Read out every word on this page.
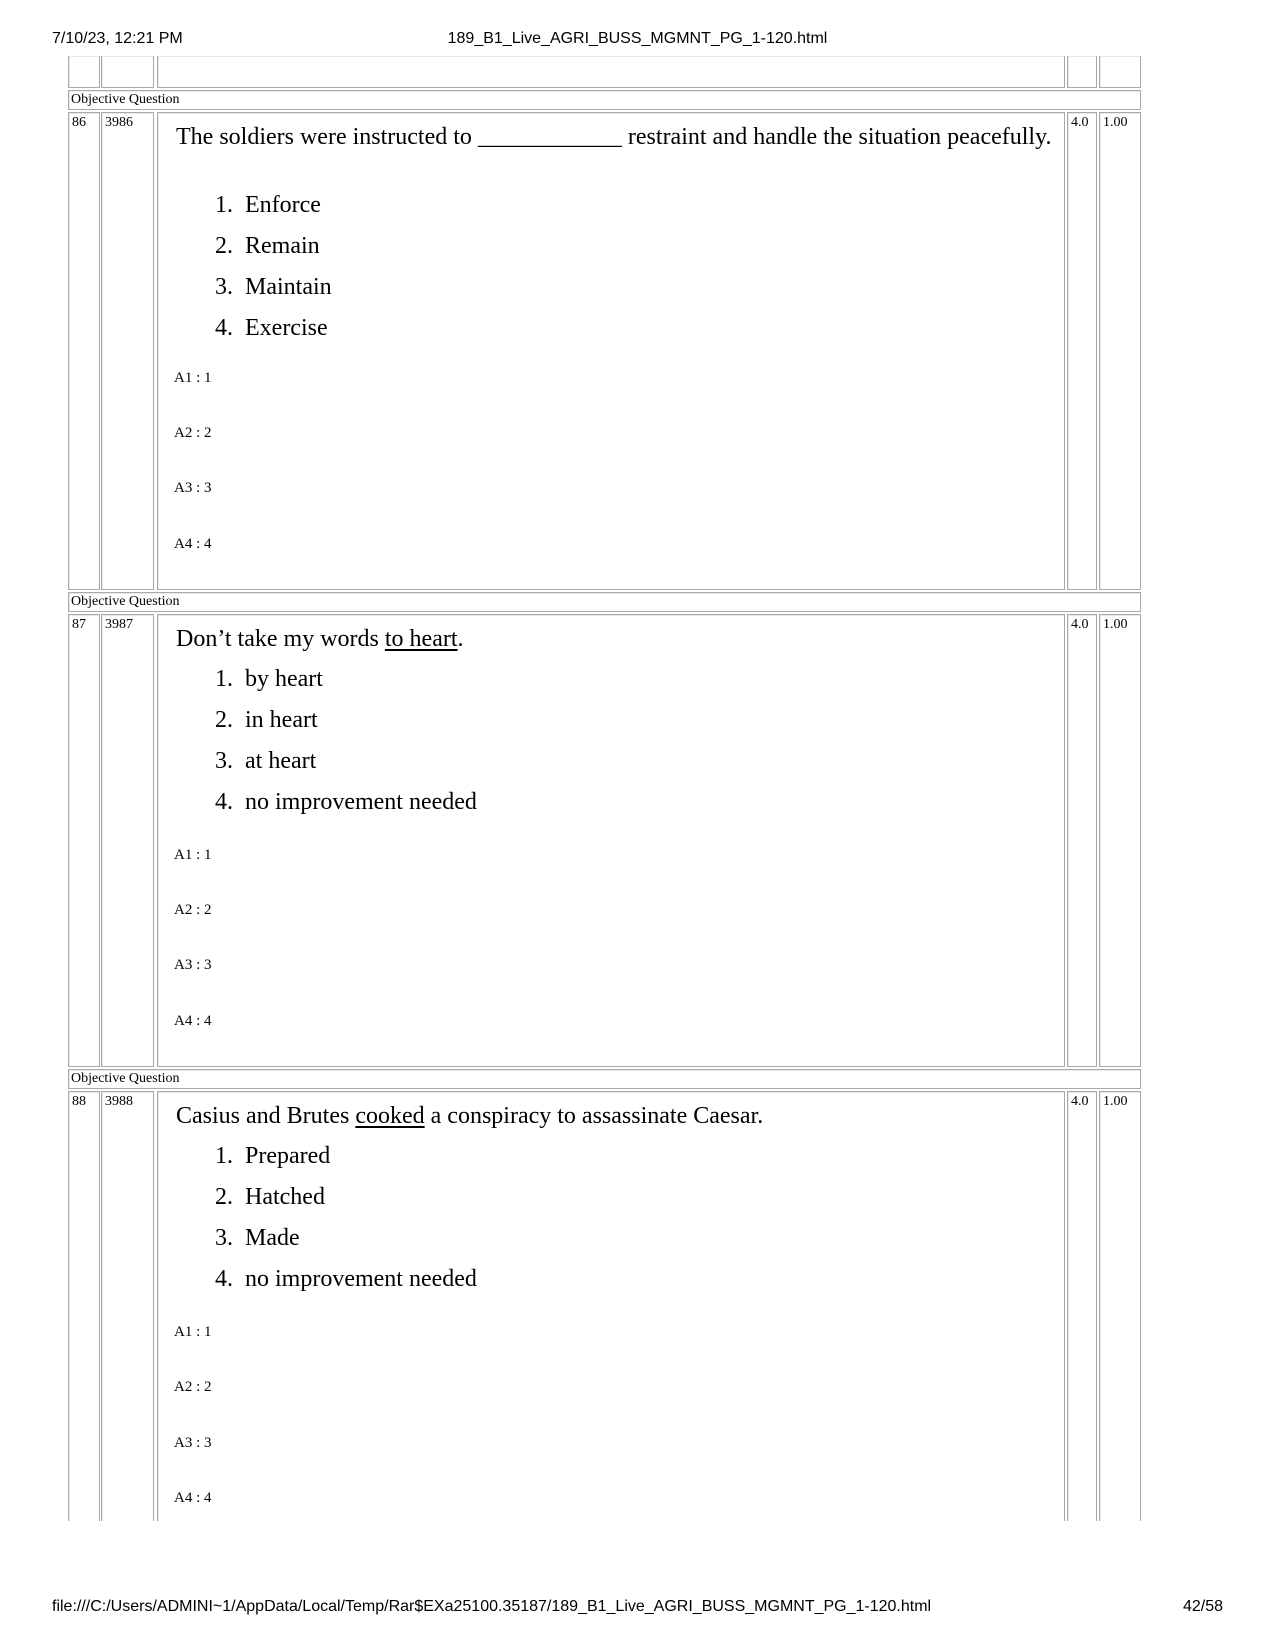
7/10/23, 12:21 PM	189_B1_Live_AGRI_BUSS_MGMNT_PG_1-120.html
Objective Question
86	3986	4.0	1.00
The soldiers were instructed to ____________ restraint and handle the situation peacefully.
1.  Enforce
2.  Remain
3.  Maintain
4.  Exercise
A1 : 1
A2 : 2
A3 : 3
A4 : 4
Objective Question
87	3987	4.0	1.00
Don’t take my words to heart.
1.  by heart
2.  in heart
3.  at heart
4.  no improvement needed
A1 : 1
A2 : 2
A3 : 3
A4 : 4
Objective Question
88	3988	4.0	1.00
Casius and Brutes cooked a conspiracy to assassinate Caesar.
1.  Prepared
2.  Hatched
3.  Made
4.  no improvement needed
A1 : 1
A2 : 2
A3 : 3
A4 : 4
file:///C:/Users/ADMINI~1/AppData/Local/Temp/Rar$EXa25100.35187/189_B1_Live_AGRI_BUSS_MGMNT_PG_1-120.html	42/58
